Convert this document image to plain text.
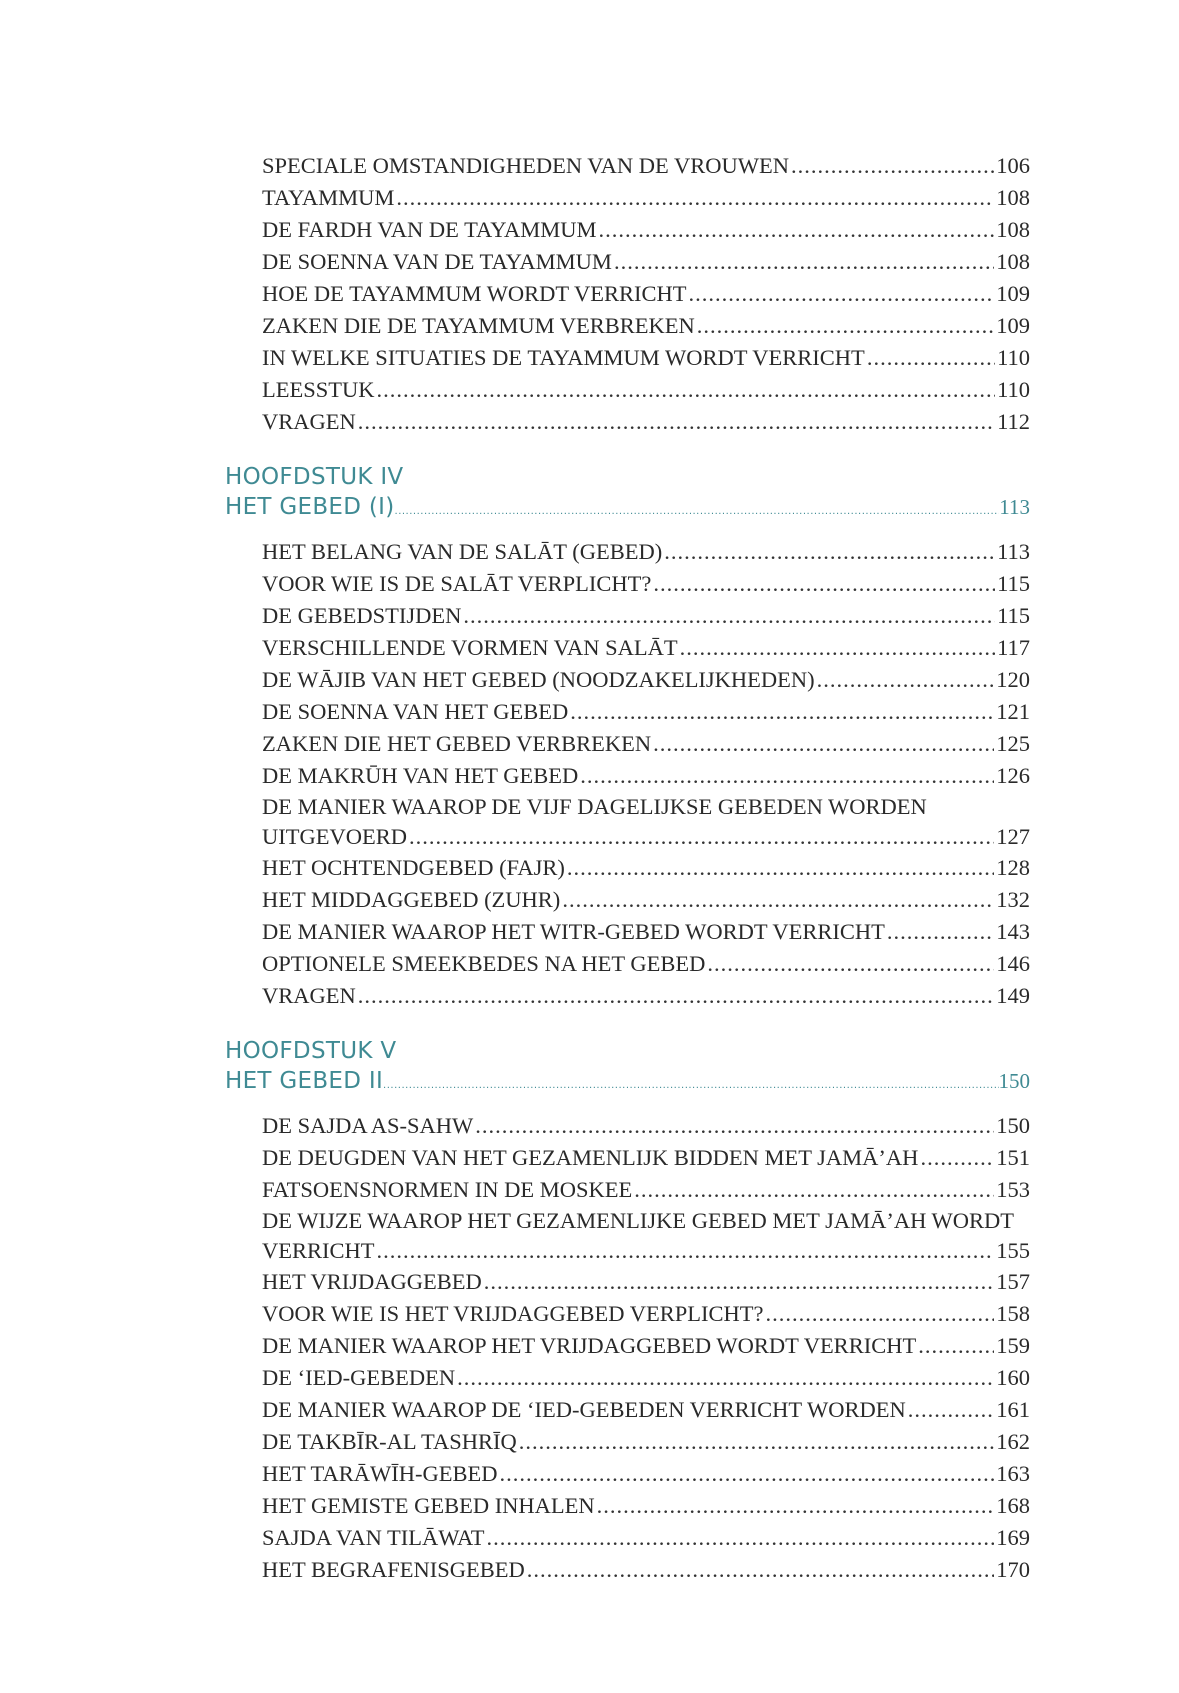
SPECIALE OMSTANDIGHEDEN VAN DE VROUWEN .....	106
TAYAMMUM .....	108
DE FARDH VAN DE TAYAMMUM .....	108
DE SOENNA VAN DE TAYAMMUM .....	108
HOE DE TAYAMMUM WORDT VERRICHT .....	109
ZAKEN DIE DE TAYAMMUM VERBREKEN .....	109
IN WELKE SITUATIES DE TAYAMMUM WORDT VERRICHT .....	110
LEESSTUK .....	110
VRAGEN .....	112
HOOFDSTUK IV
HET GEBED (I) .....	113
HET BELANG VAN DE SALĀT (GEBED) .....	113
VOOR WIE IS DE SALĀT VERPLICHT? .....	115
DE GEBEDSTIJDEN .....	115
VERSCHILLENDE VORMEN VAN SALĀT .....	117
DE WĀJIB VAN HET GEBED (NOODZAKELIJKHEDEN) .....	120
DE SOENNA VAN HET GEBED .....	121
ZAKEN DIE HET GEBED VERBREKEN .....	125
DE MAKRŪH VAN HET GEBED .....	126
DE MANIER WAAROP DE VIJF DAGELIJKSE GEBEDEN WORDEN
UITGEVOERD .....	127
HET OCHTENDGEBED (FAJR) .....	128
HET MIDDAGGEBED (ZUHR) .....	132
DE MANIER WAAROP HET WITR-GEBED WORDT VERRICHT .....	143
OPTIONELE SMEEKBEDES NA HET GEBED .....	146
VRAGEN .....	149
HOOFDSTUK V
HET GEBED II .....	150
DE SAJDA AS-SAHW .....	150
DE DEUGDEN VAN HET GEZAMENLIJK BIDDEN MET JAMĀ’AH .....	151
FATSOENSNORMEN IN DE MOSKEE .....	153
DE WIJZE WAAROP HET GEZAMENLIJKE GEBED MET JAMĀ’AH WORDT
VERRICHT .....	155
HET VRIJDAGGEBED .....	157
VOOR WIE IS HET VRIJDAGGEBED VERPLICHT? .....	158
DE MANIER WAAROP HET VRIJDAGGEBED WORDT VERRICHT .....	159
DE ‘IED-GEBEDEN .....	160
DE MANIER WAAROP DE ‘IED-GEBEDEN VERRICHT WORDEN .....	161
DE TAKBĪR-AL TASHRĪQ .....	162
HET TARĀWĪH-GEBED .....	163
HET GEMISTE GEBED INHALEN .....	168
SAJDA VAN TILĀWAT .....	169
HET BEGRAFENISGEBED .....	170
